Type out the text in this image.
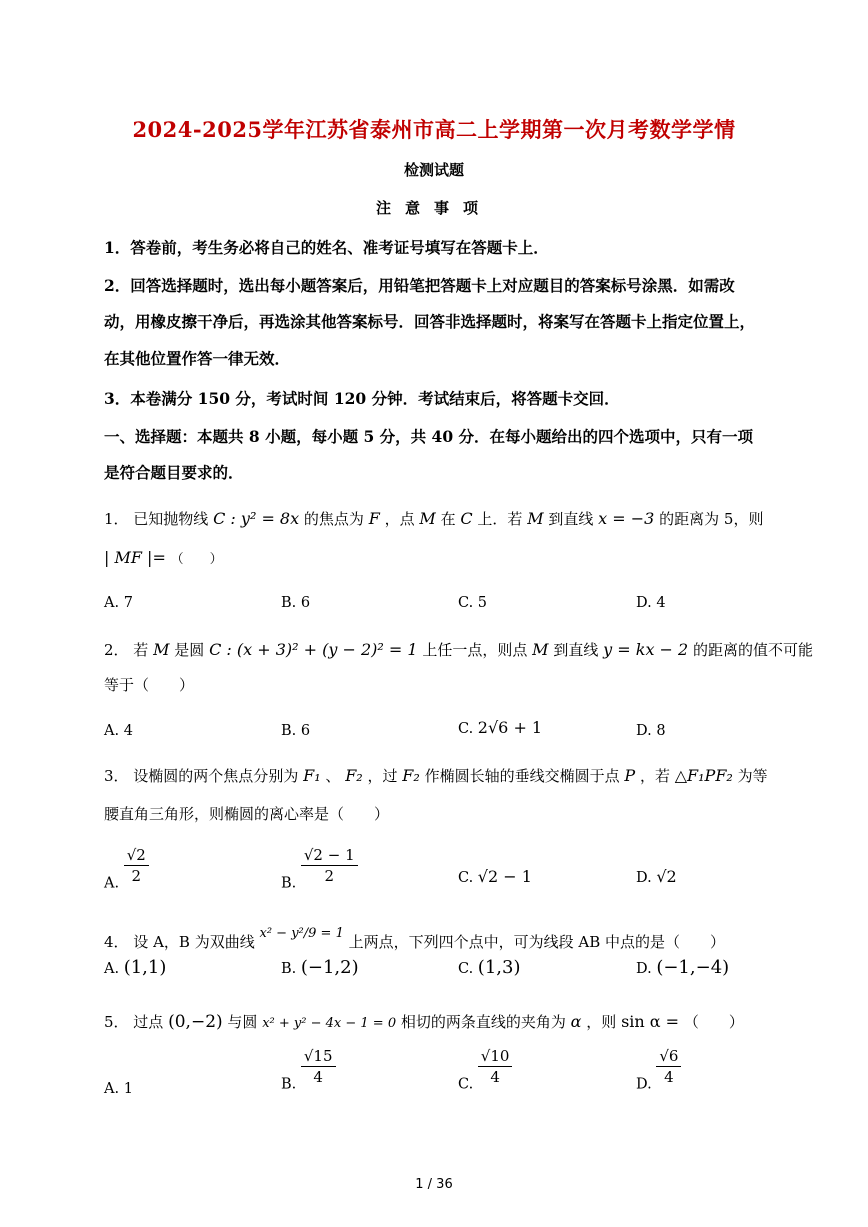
2024-2025学年江苏省泰州市高二上学期第一次月考数学学情
检测试题
注意事项
1．答卷前，考生务必将自己的姓名、准考证号填写在答题卡上．
2．回答选择题时，选出每小题答案后，用铅笔把答题卡上对应题目的答案标号涂黑．如需改
动，用橡皮擦干净后，再选涂其他答案标号．回答非选择题时，将案写在答题卡上指定位置上，
在其他位置作答一律无效．
3．本卷满分 150 分，考试时间 120 分钟．考试结束后，将答题卡交回．
一、选择题：本题共 8 小题，每小题 5 分，共 40 分．在每小题给出的四个选项中，只有一项
是符合题目要求的．
1． 已知抛物线 C : y² = 8x 的焦点为 F ，点 M 在 C 上．若 M 到直线 x = −3 的距离为 5，则
| MF |= （　　）
A. 7	B. 6	C. 5	D. 4
2． 若 M 是圆 C : (x + 3)² + (y − 2)² = 1 上任一点，则点 M 到直线 y = kx − 2 的距离的值不可能
等于（　　）
A. 4	B. 6	C. 2√6 + 1	D. 8
3． 设椭圆的两个焦点分别为 F₁ 、 F₂ ，过 F₂ 作椭圆长轴的垂线交椭圆于点 P ，若 △F₁PF₂ 为等
腰直角三角形，则椭圆的离心率是（　　）
A. $\frac{√2}{2}$	B. $\frac{√2 - 1}{2}$	C. √2 − 1	D. √2
4． 设 A，B 为双曲线 x² − y²/9 = 1 上两点，下列四个点中，可为线段 AB 中点的是（　　）
A. (1,1)	B. (−1,2)	C. (1,3)	D. (−1,−4)
5． 过点 (0,−2) 与圆 x² + y² − 4x − 1 = 0 相切的两条直线的夹角为 α ，则 sin α = （　　）
A. 1	B. $\frac{√15}{4}$	C. $\frac{√10}{4}$	D. $\frac{√6}{4}$
1 / 36
